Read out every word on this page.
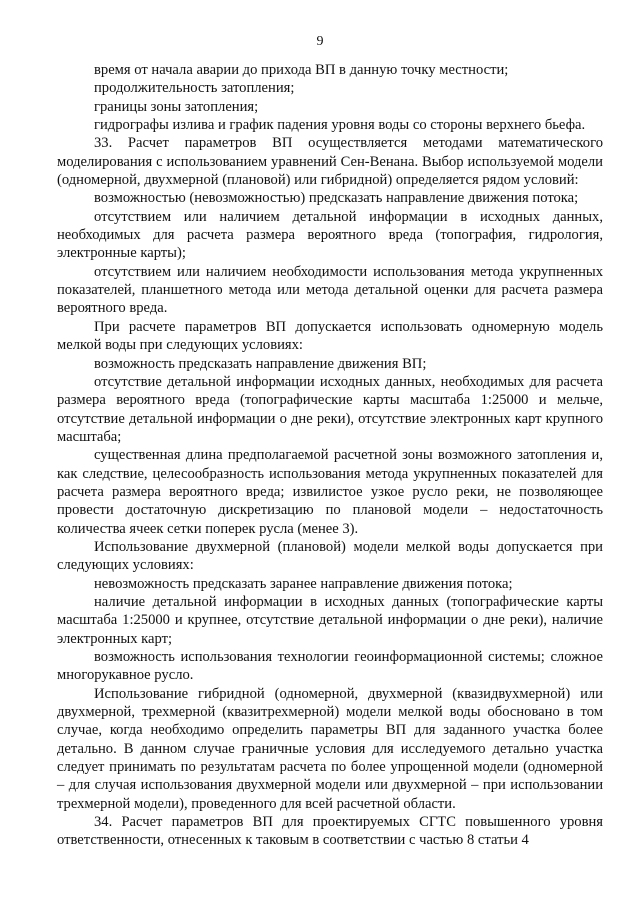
9

время от начала аварии до прихода ВП в данную точку местности;

продолжительность затопления;

границы зоны затопления;

гидрографы излива и график падения уровня воды со стороны верхнего бьефа.

33. Расчет параметров ВП осуществляется методами математического моделирования с использованием уравнений Сен-Венана. Выбор используемой модели (одномерной, двухмерной (плановой) или гибридной) определяется рядом условий:

возможностью (невозможностью) предсказать направление движения потока;

отсутствием или наличием детальной информации в исходных данных, необходимых для расчета размера вероятного вреда (топография, гидрология, электронные карты);

отсутствием или наличием необходимости использования метода укрупненных показателей, планшетного метода или метода детальной оценки для расчета размера вероятного вреда.

При расчете параметров ВП допускается использовать одномерную модель мелкой воды при следующих условиях:

возможность предсказать направление движения ВП;

отсутствие детальной информации исходных данных, необходимых для расчета размера вероятного вреда (топографические карты масштаба 1:25000 и мельче, отсутствие детальной информации о дне реки), отсутствие электронных карт крупного масштаба;

существенная длина предполагаемой расчетной зоны возможного затопления и, как следствие, целесообразность использования метода укрупненных показателей для расчета размера вероятного вреда; извилистое узкое русло реки, не позволяющее провести достаточную дискретизацию по плановой модели – недостаточность количества ячеек сетки поперек русла (менее 3).

Использование двухмерной (плановой) модели мелкой воды допускается при следующих условиях:

невозможность предсказать заранее направление движения потока;

наличие детальной информации в исходных данных (топографические карты масштаба 1:25000 и крупнее, отсутствие детальной информации о дне реки), наличие электронных карт;

возможность использования технологии геоинформационной системы; сложное многорукавное русло.

Использование гибридной (одномерной, двухмерной (квазидвухмерной) или двухмерной, трехмерной (квазитрехмерной) модели мелкой воды обосновано в том случае, когда необходимо определить параметры ВП для заданного участка более детально. В данном случае граничные условия для исследуемого детально участка следует принимать по результатам расчета по более упрощенной модели (одномерной – для случая использования двухмерной модели или двухмерной – при использовании трехмерной модели), проведенного для всей расчетной области.

34. Расчет параметров ВП для проектируемых СГТС повышенного уровня ответственности, отнесенных к таковым в соответствии с частью 8 статьи 4
